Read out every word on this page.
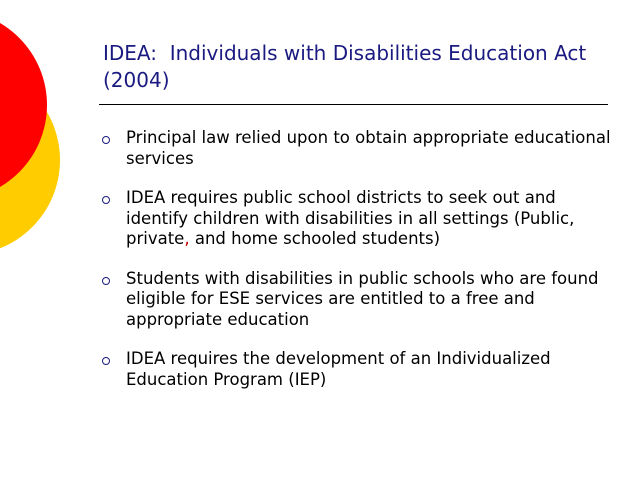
IDEA:  Individuals with Disabilities Education Act (2004)
Principal law relied upon to obtain appropriate educational services
IDEA requires public school districts to seek out and identify children with disabilities in all settings (Public, private, and home schooled students)
Students with disabilities in public schools who are found eligible for ESE services are entitled to a free and appropriate education
IDEA requires the development of an Individualized Education Program (IEP)
